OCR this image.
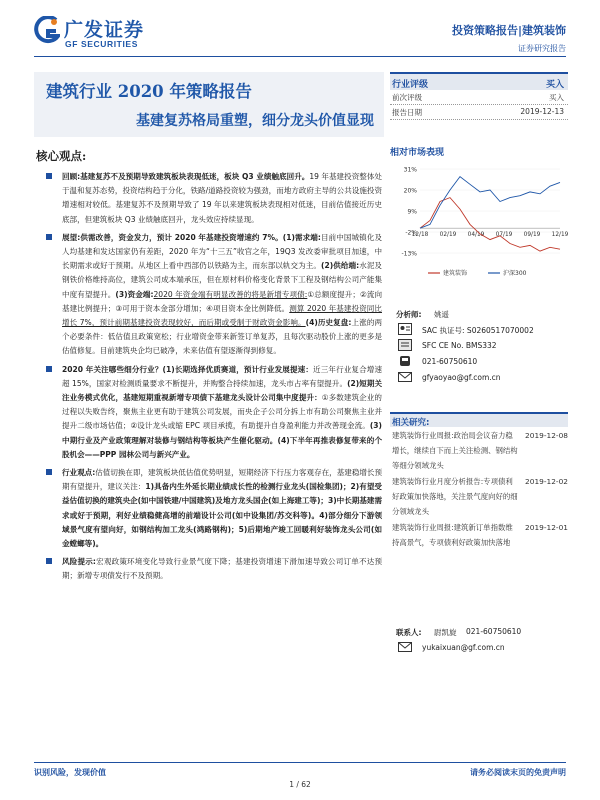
广发证券
GF SECURITIES
投资策略报告|建筑装饰
证券研究报告
建筑行业 2020 年策略报告
基建复苏格局重塑，细分龙头价值显现
行业评级	买入
前次评级	买入
报告日期	2019-12-13
相对市场表现
31%
20%
9%
-2%
-13%
12/18 02/19 04/19 07/19 09/19 12/19
建筑装饰	沪深300
分析师: 姚遥
SAC 执证号: S0260517070002
SFC CE No. BMS332
021-60750610
gfyaoyao@gf.com.cn
相关研究:
建筑装饰行业周报:政治局会议奋力稳增长，继续自下而上关注检测、钢结构等细分领域龙头
2019-12-08
建筑装饰行业月度分析报告:专项债利好政策加快落地，关注景气度向好的细分领域龙头
2019-12-02
建筑装饰行业周报:建筑新订单指数维持高景气，专项债利好政策加快落地
2019-12-01
联系人: 尉凯旋 021-60750610
yukaixuan@gf.com.cn
核心观点:
回顾:基建复苏不及预期导致建筑板块表现低迷，板块 Q3 业绩触底回升。19 年基建投资整体处于温和复苏态势，投资结构趋于分化，铁路/道路投资较为强劲，而地方政府主导的公共设施投资增速相对较低。基建复苏不及预期导致了 19 年以来建筑板块表现相对低迷，目前估值接近历史底部，但建筑板块 Q3 业绩触底回升，龙头效应持续显现。
展望:供需改善，资金发力，预计 2020 年基建投资增速约 7%。(1)需求端:目前中国城镇化及人均基建和发达国家仍有差距，2020 年为“十三五”收官之年，19Q3 发改委审批项目加速，中长期需求或好于预期。从地区上看中西部仍以铁路为主，而东部以轨交为主。(2)供给端:水泥及钢铁价格维持高位，建筑公司成本端承压，但在原材料价格变化背景下工程及钢结构公司产能集中度有望提升。(3)资金端:2020 年资金端有明显改善的将是新增专项债:①总额度提升；②流向基建比例提升；③可用于资本金部分增加；④项目资本金比例降低。测算 2020 年基建投资同比增长 7%，预计前期基建投资表现较好，而后期或受制于财政资金影响。(4)历史复盘:上涨的两个必要条件：低估值且政策宽松；行业增资金带来新签订单复苏，且每次驱动股价上涨的更多是估值修复。目前建筑央企均已破净，未来估值有望逐渐得到修复。
2020 年关注哪些细分行业？(1)长期选择优质赛道，预计行业发展提速：近三年行业复合增速超 15%，国家对检测质量要求不断提升，并购整合持续加速，龙头市占率有望提升。(2)短期关注业务模式优化，基建短期重视新增专项债下基建龙头设计公司集中度提升：①多数建筑企业的过程以失败告终，聚焦主业更有助于建筑公司发展，而央企子公司分拆上市有助公司聚焦主业并提升二级市场估值；②设计龙头或缩 EPC 项目承揽，有助提升自身盈利能力并改善现金流。(3)中期行业及产业政策理解对装修与钢结构等板块产生催化驱动。(4)下半年再推表修复带来的个股机会——PPP 园林公司与新兴产业。
行业观点:估值切换在即，建筑板块低估值优势明显，短期经济下行压力客观存在，基建稳增长预期有望提升，建议关注：1)具备内生外延长期业绩成长性的检测行业龙头(国检集团)；2)有望受益估值切换的建筑央企(如中国铁建/中国建筑)及地方龙头国企(如上海建工等)；3)中长期基建需求或好于预期，利好业绩稳健高增的前端设计公司(如中设集团/苏交科等)。4)部分细分下游领域景气度有望向好，如钢结构加工龙头(鸿路钢构)；5)后期地产竣工回暖利好装饰龙头公司(如金螳螂等)。
风险提示:宏观政策环境变化导致行业景气度下降；基建投资增速下滑加速导致公司订单不达预期；新增专项债发行不及预期。
识别风险，发现价值	请务必阅读末页的免责声明
1 / 62
